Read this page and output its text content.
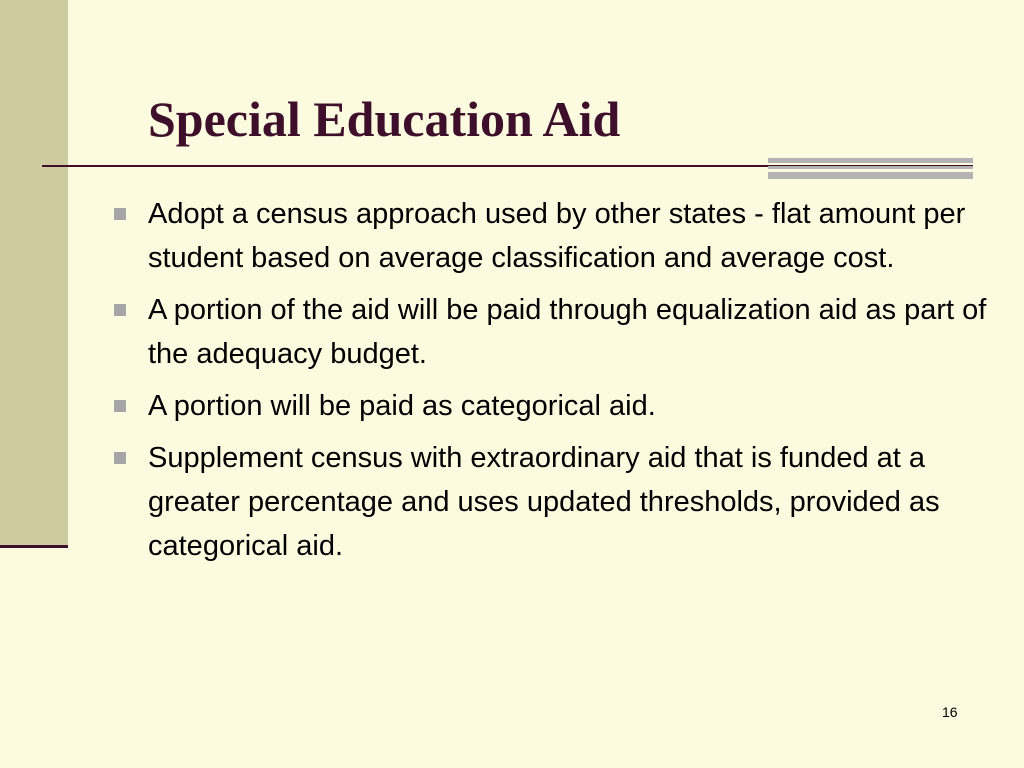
Special Education Aid
Adopt a census approach used by other states - flat amount per student based on average classification and average cost.
A portion of the aid will be paid through equalization aid as part of the adequacy budget.
A portion will be paid as categorical aid.
Supplement census with extraordinary aid that is funded at a greater percentage and uses updated thresholds, provided as categorical aid.
16
